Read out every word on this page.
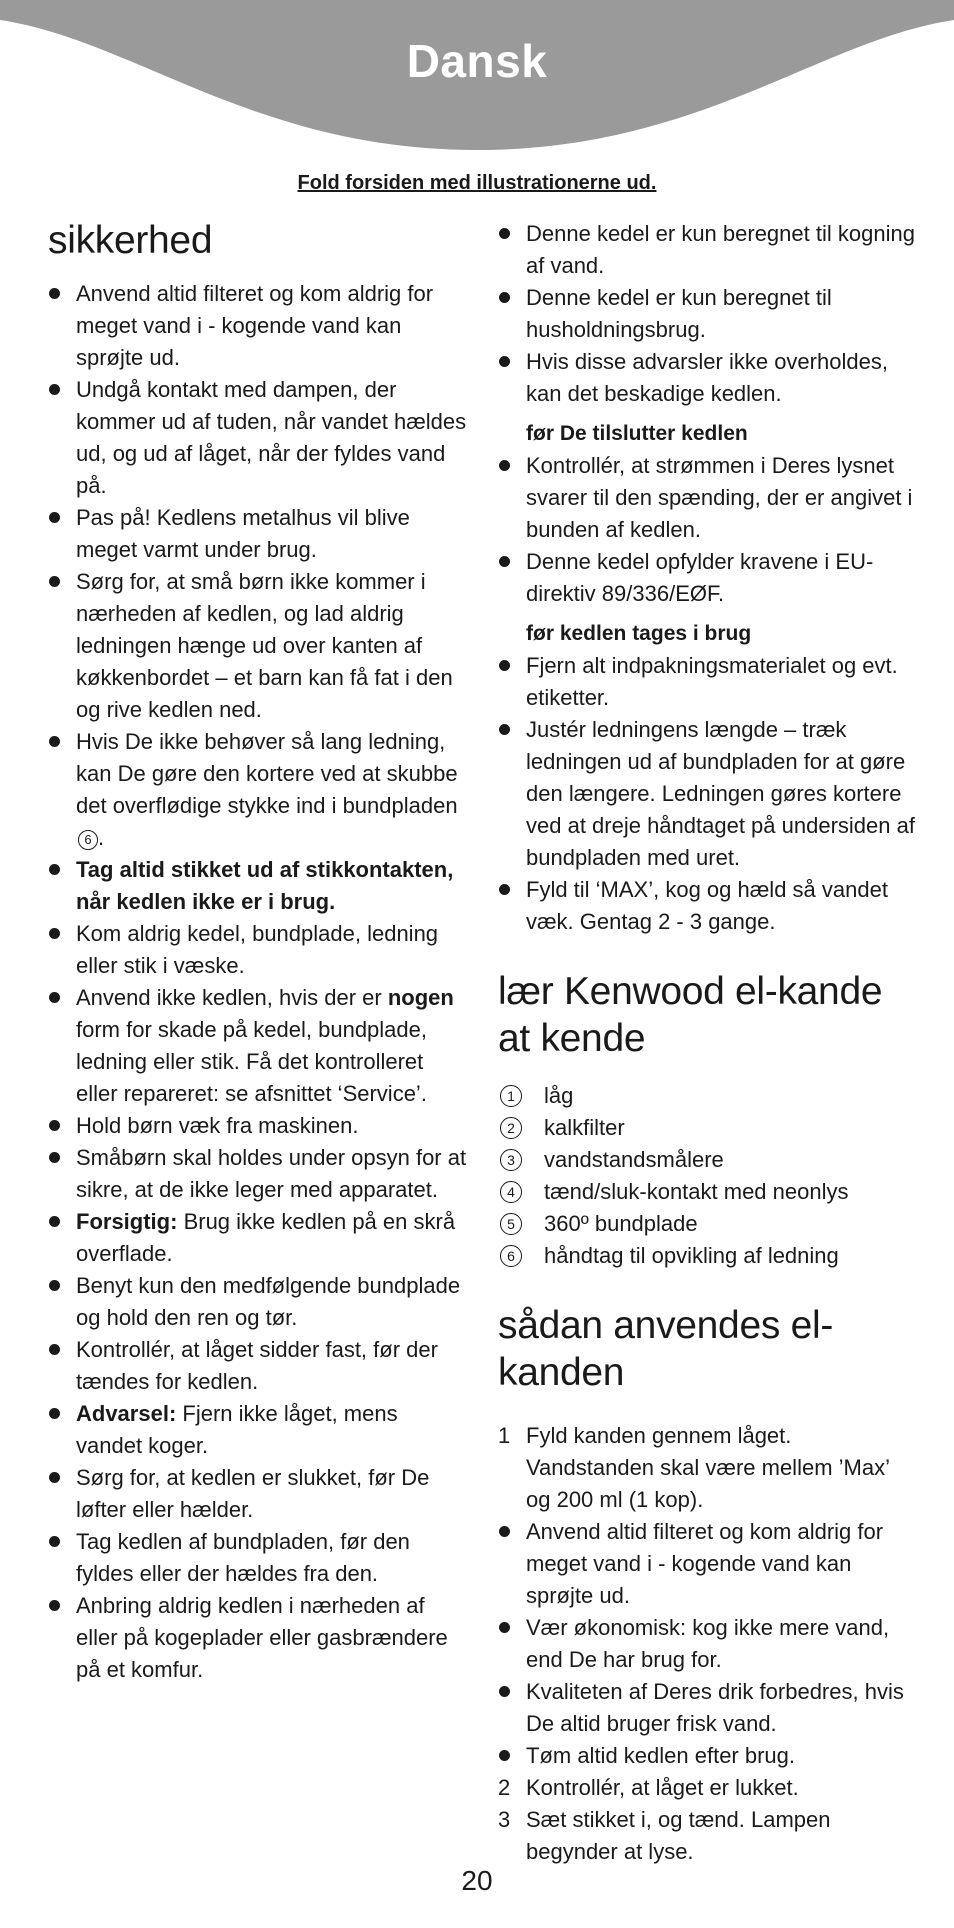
Dansk
Fold forsiden med illustrationerne ud.
sikkerhed
Anvend altid filteret og kom aldrig for meget vand i - kogende vand kan sprøjte ud.
Undgå kontakt med dampen, der kommer ud af tuden, når vandet hældes ud, og ud af låget, når der fyldes vand på.
Pas på! Kedlens metalhus vil blive meget varmt under brug.
Sørg for, at små børn ikke kommer i nærheden af kedlen, og lad aldrig ledningen hænge ud over kanten af køkkenbordet – et barn kan få fat i den og rive kedlen ned.
Hvis De ikke behøver så lang ledning, kan De gøre den kortere ved at skubbe det overflødige stykke ind i bundpladen 6 .
Tag altid stikket ud af stikkontakten, når kedlen ikke er i brug.
Kom aldrig kedel, bundplade, ledning eller stik i væske.
Anvend ikke kedlen, hvis der er nogen form for skade på kedel, bundplade, ledning eller stik. Få det kontrolleret eller repareret: se afsnittet ‘Service’.
Hold børn væk fra maskinen.
Småbørn skal holdes under opsyn for at sikre, at de ikke leger med apparatet.
Forsigtig: Brug ikke kedlen på en skrå overflade.
Benyt kun den medfølgende bundplade og hold den ren og tør.
Kontrollér, at låget sidder fast, før der tændes for kedlen.
Advarsel: Fjern ikke låget, mens vandet koger.
Sørg for, at kedlen er slukket, før De løfter eller hælder.
Tag kedlen af bundpladen, før den fyldes eller der hældes fra den.
Anbring aldrig kedlen i nærheden af eller på kogeplader eller gasbrændere på et komfur.
Denne kedel er kun beregnet til kogning af vand.
Denne kedel er kun beregnet til husholdningsbrug.
Hvis disse advarsler ikke overholdes, kan det beskadige kedlen.
før De tilslutter kedlen
Kontrollér, at strømmen i Deres lysnet svarer til den spænding, der er angivet i bunden af kedlen.
Denne kedel opfylder kravene i EU-direktiv 89/336/EØF.
før kedlen tages i brug
Fjern alt indpakningsmaterialet og evt. etiketter.
Justér ledningens længde – træk ledningen ud af bundpladen for at gøre den længere. Ledningen gøres kortere ved at dreje håndtaget på undersiden af bundpladen med uret.
Fyld til ‘MAX’, kog og hæld så vandet væk. Gentag 2 - 3 gange.
lær Kenwood el-kande at kende
1	låg
2	kalkfilter
3	vandstandsmålere
4	tænd/sluk-kontakt med neonlys
5	360º bundplade
6	håndtag til opvikling af ledning
sådan anvendes el-kanden
1 Fyld kanden gennem låget. Vandstanden skal være mellem ’Max’ og 200 ml (1 kop).
Anvend altid filteret og kom aldrig for meget vand i - kogende vand kan sprøjte ud.
Vær økonomisk: kog ikke mere vand, end De har brug for.
Kvaliteten af Deres drik forbedres, hvis De altid bruger frisk vand.
Tøm altid kedlen efter brug.
2 Kontrollér, at låget er lukket.
3 Sæt stikket i, og tænd. Lampen begynder at lyse.
20
